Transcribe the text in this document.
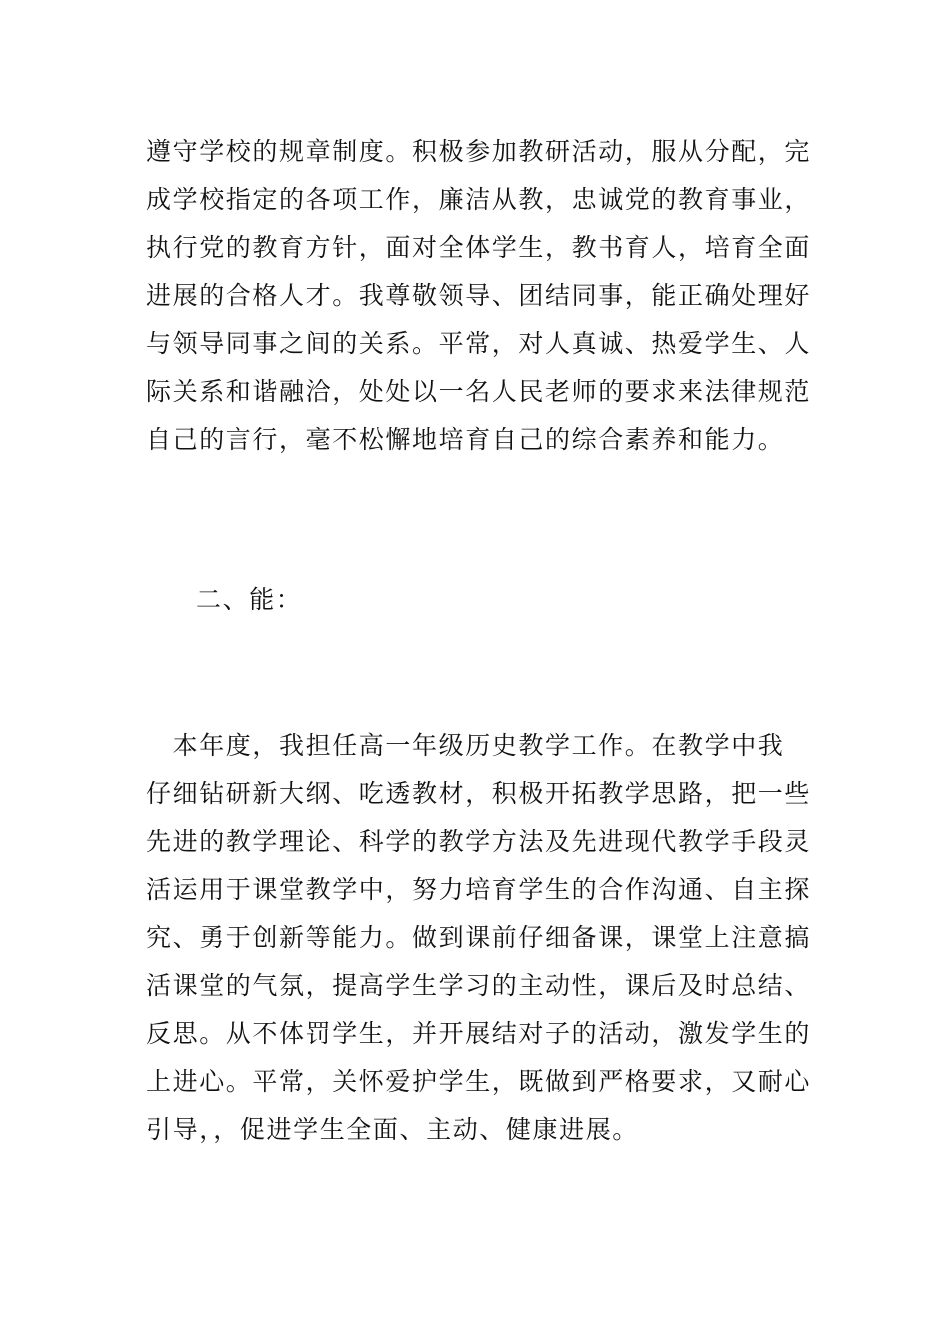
遵守学校的规章制度。积极参加教研活动，服从分配，完
成学校指定的各项工作，廉洁从教，忠诚党的教育事业，
执行党的教育方针，面对全体学生，教书育人，培育全面
进展的合格人才。我尊敬领导、团结同事，能正确处理好
与领导同事之间的关系。平常，对人真诚、热爱学生、人
际关系和谐融洽，处处以一名人民老师的要求来法律规范
自己的言行，毫不松懈地培育自己的综合素养和能力。
二、能：
　本年度，我担任高一年级历史教学工作。在教学中我
仔细钻研新大纲、吃透教材，积极开拓教学思路，把一些
先进的教学理论、科学的教学方法及先进现代教学手段灵
活运用于课堂教学中，努力培育学生的合作沟通、自主探
究、勇于创新等能力。做到课前仔细备课，课堂上注意搞
活课堂的气氛，提高学生学习的主动性，课后及时总结、
反思。从不体罚学生，并开展结对子的活动，激发学生的
上进心。平常，关怀爱护学生，既做到严格要求，又耐心
引导，，促进学生全面、主动、健康进展。
